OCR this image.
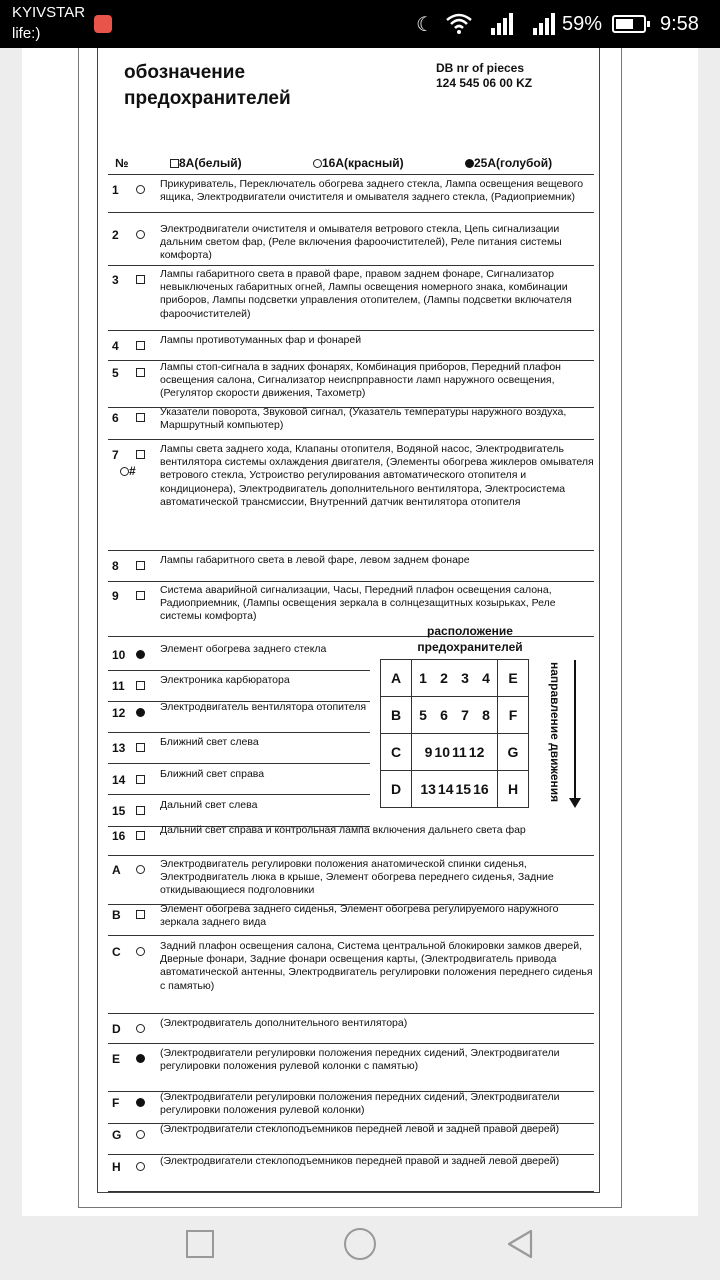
KYIVSTAR
life:)	☾	59%	9:58
обозначение
предохранителей
DB nr of pieces
124 545 06 00 KZ
№	8A(белый)	16A(красный)	25A(голубой)
1	Прикуриватель, Переключатель обогрева заднего стекла, Лампа освещения вещевого ящика, Электродвигатели очистителя и омывателя заднего стекла, (Радиоприемник)
2	Электродвигатели очистителя и омывателя ветрового стекла, Цепь сигнализации дальним светом фар, (Реле включения фароочистителей), Реле питания системы комфорта)
3	Лампы габаритного света в правой фаре, правом заднем фонаре, Сигнализатор невыключеных габаритных огней, Лампы освещения номерного знака, комбинации приборов, Лампы подсветки управления отопителем, (Лампы подсветки включателя фароочистителей)
4	Лампы противотуманных фар и фонарей
5	Лампы стоп-сигнала в задних фонарях, Комбинация приборов, Передний плафон освещения салона, Сигнализатор неиспрправности ламп наружного освещения, (Регулятор скорости движения, Тахометр)
6	Указатели поворота, Звуковой сигнал, (Указатель температуры наружного воздуха, Маршрутный компьютер)
7	Лампы света заднего хода, Клапаны отопителя, Водяной насос, Электродвигатель вентилятора системы охлаждения двигателя, (Элементы обогрева жиклеров омывателя ветрового стекла, Устроиство регулирования автоматического отопителя и кондиционера), Электродвигатель дополнительного вентилятора, Электросистема автоматической трансмиссии, Внутренний датчик вентилятора отопителя
8	Лампы габаритного света в левой фаре, левом заднем фонаре
9	Система аварийной сигнализации, Часы, Передний плафон освещения салона, Радиоприемник, (Лампы освещения зеркала в солнцезащитных козырьках, Реле системы комфорта)
10	Элемент обогрева заднего стекла
11	Электроника карбюратора
12	Электродвигатель вентилятора отопителя
13	Ближний свет слева
14	Ближний свет справа
15	Дальний свет слева
16	Дальний свет справа и контрольная лампа включения дальнего света фар
A	Электродвигатель регулировки положения анатомической спинки сиденья, Электродвигатель люка в крыше, Элемент обогрева переднего сиденья, Задние откидывающиеся подголовники
B	Элемент обогрева заднего сиденья, Элемент обогрева регулируемого наружного зеркала заднего вида
C	Задний плафон освещения салона, Система центральной блокировки замков дверей, Дверные фонари, Задние фонари освещения карты, (Электродвигатель привода автоматической антенны, Электродвигатель регулировки положения переднего сиденья с памятью)
D	(Электродвигатель дополнительного вентилятора)
E	(Электродвигатели регулировки положения передних сидений, Электродвигатели регулировки положения рулевой колонки с памятью)
F	(Электродвигатели регулировки положения передних сидений, Электродвигатели регулировки положения рулевой колонки)
G	(Электродвигатели стеклоподъемников передней левой и задней правой дверей)
H	(Электродвигатели стеклоподъемников передней правой и задней левой дверей)
#
расположение
предохранителей
A	1 2 3 4	E
B	5 6 7 8	F
C	9 10 11 12	G
D	13 14 15 16	H направление движения
